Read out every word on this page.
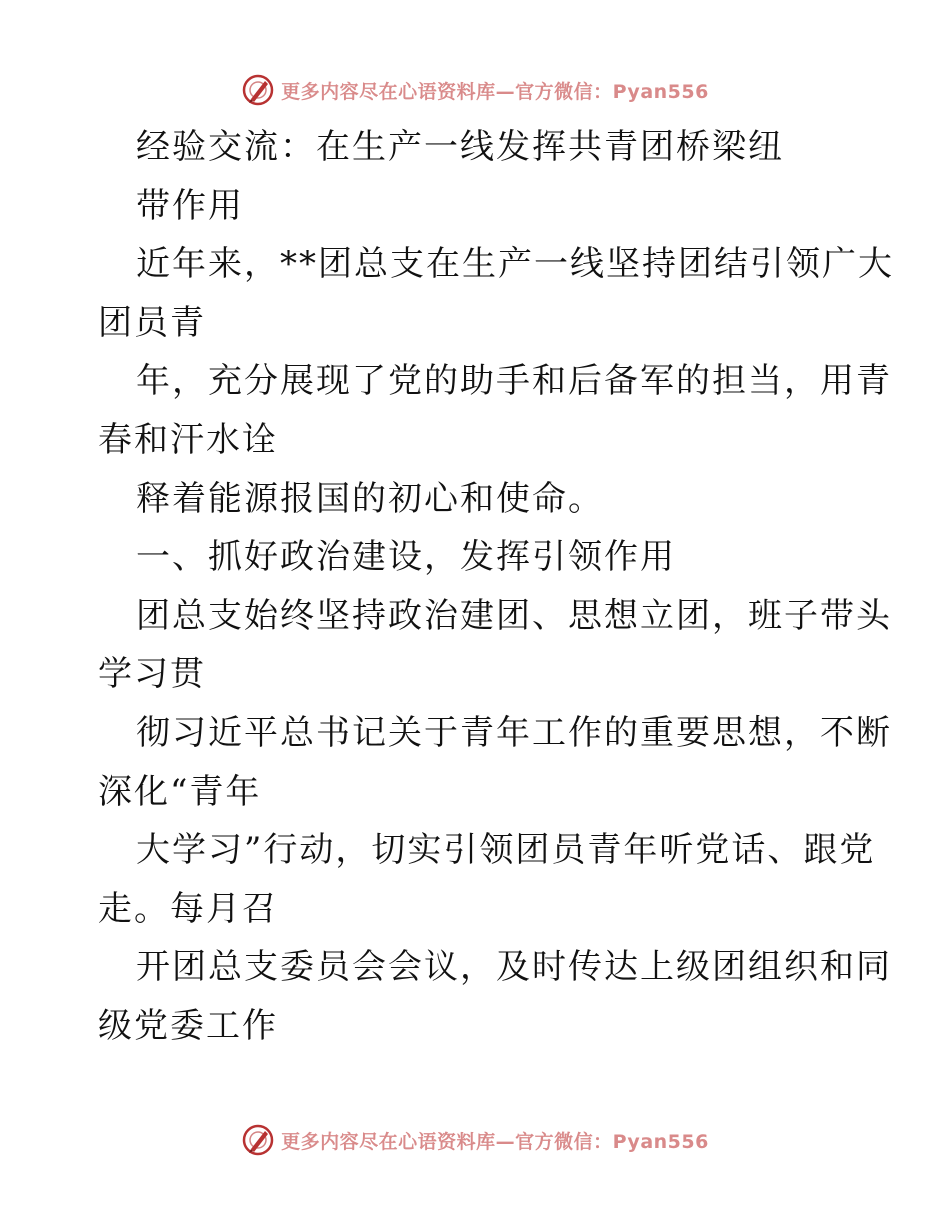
更多内容尽在心语资料库—官方微信：Pyan556
经验交流：在生产一线发挥共青团桥梁纽
带作用
近年来，**团总支在生产一线坚持团结引领广大
团员青
年，充分展现了党的助手和后备军的担当，用青
春和汗水诠
释着能源报国的初心和使命。
一、抓好政治建设，发挥引领作用
团总支始终坚持政治建团、思想立团，班子带头
学习贯
彻习近平总书记关于青年工作的重要思想，不断
深化“青年
大学习”行动，切实引领团员青年听党话、跟党
走。每月召
开团总支委员会会议，及时传达上级团组织和同
级党委工作
更多内容尽在心语资料库—官方微信：Pyan556
